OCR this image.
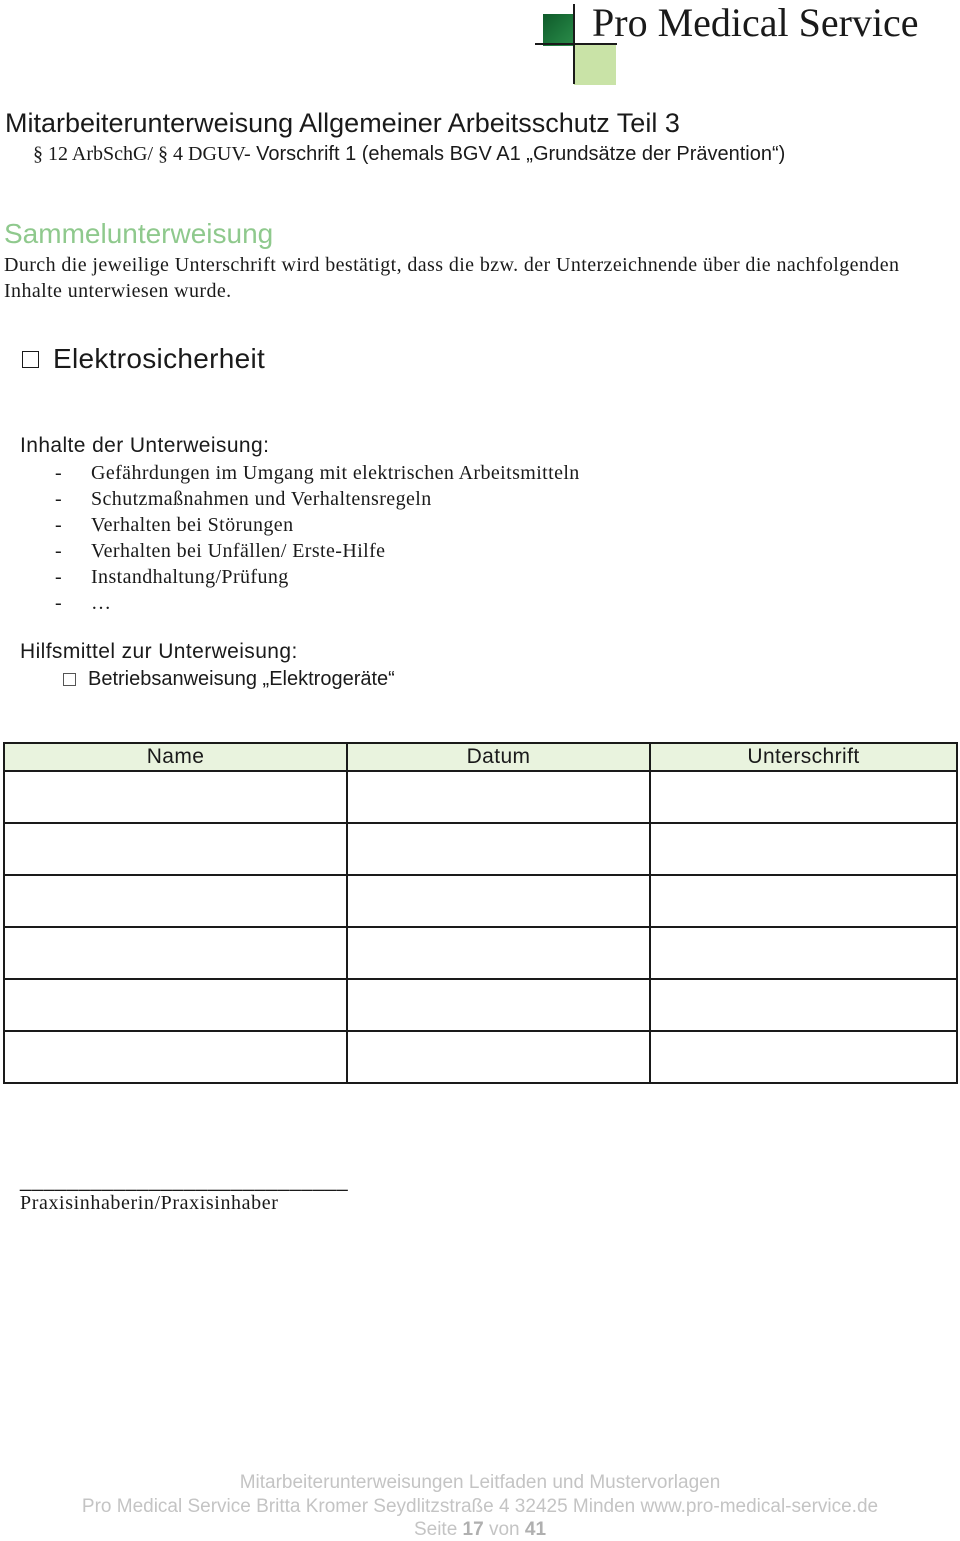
Pro Medical Service
Mitarbeiterunterweisung Allgemeiner Arbeitsschutz Teil 3
§ 12 ArbSchG/ § 4 DGUV- Vorschrift 1 (ehemals BGV A1 „Grundsätze der Prävention“)
Sammelunterweisung
Durch die jeweilige Unterschrift wird bestätigt, dass die bzw. der Unterzeichnende über die nachfolgenden Inhalte unterwiesen wurde.
Elektrosicherheit
Inhalte der Unterweisung:
-	Gefährdungen im Umgang mit elektrischen Arbeitsmitteln
-	Schutzmaßnahmen und Verhaltensregeln
-	Verhalten bei Störungen
-	Verhalten bei Unfällen/ Erste-Hilfe
-	Instandhaltung/Prüfung
-	…
Hilfsmittel zur Unterweisung:
Betriebsanweisung „Elektrogeräte“
Name	Datum	Unterschrift

____________________________
Praxisinhaberin/Praxisinhaber
Mitarbeiterunterweisungen Leitfaden und Mustervorlagen
Pro Medical Service Britta Kromer Seydlitzstraße 4 32425 Minden www.pro-medical-service.de
Seite 17 von 41
